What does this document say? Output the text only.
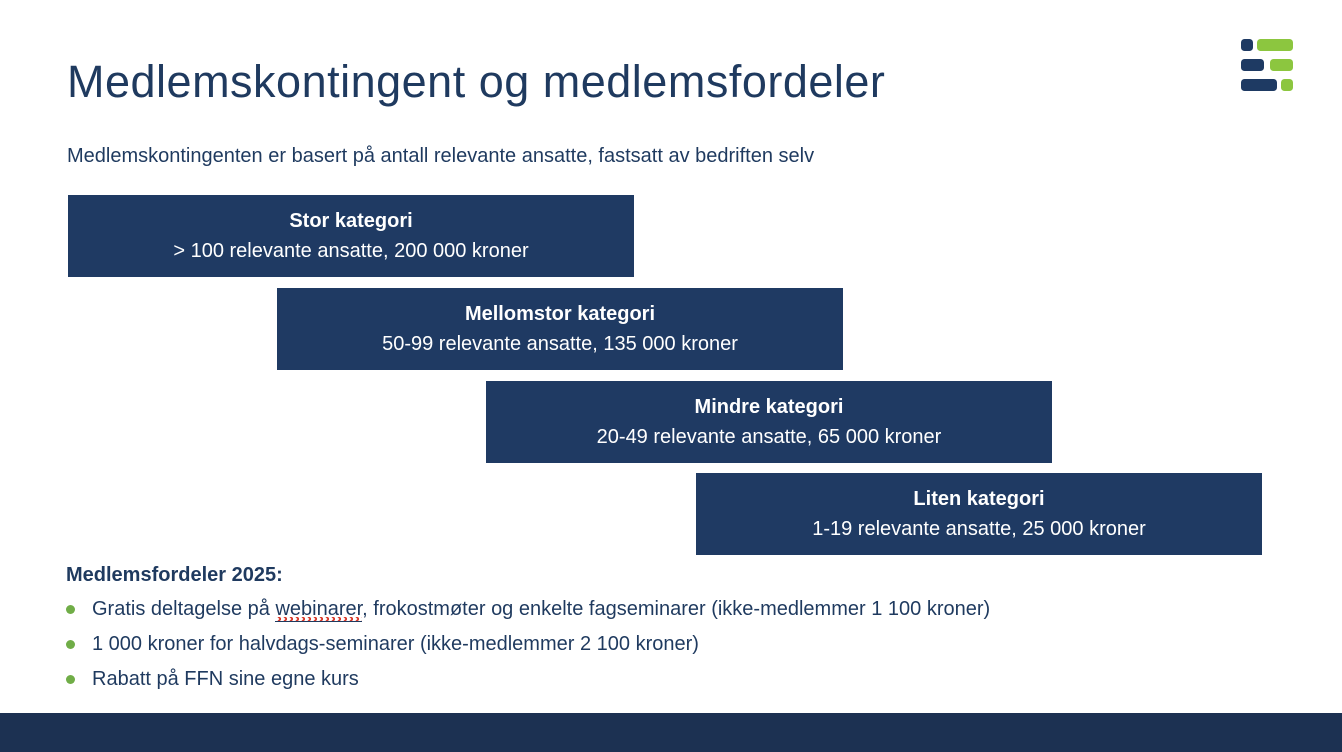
Medlemskontingent og medlemsfordeler

Medlemskontingenten er basert på antall relevante ansatte, fastsatt av bedriften selv

Stor kategori
> 100 relevante ansatte, 200 000 kroner
Mellomstor kategori
50-99 relevante ansatte, 135 000 kroner
Mindre kategori
20-49 relevante ansatte, 65 000 kroner
Liten kategori
1-19 relevante ansatte, 25 000 kroner
Medlemsfordeler 2025:
Gratis deltagelse på webinarer, frokostmøter og enkelte fagseminarer (ikke-medlemmer 1 100 kroner)
1 000 kroner for halvdags-seminarer (ikke-medlemmer 2 100 kroner)
Rabatt på FFN sine egne kurs
